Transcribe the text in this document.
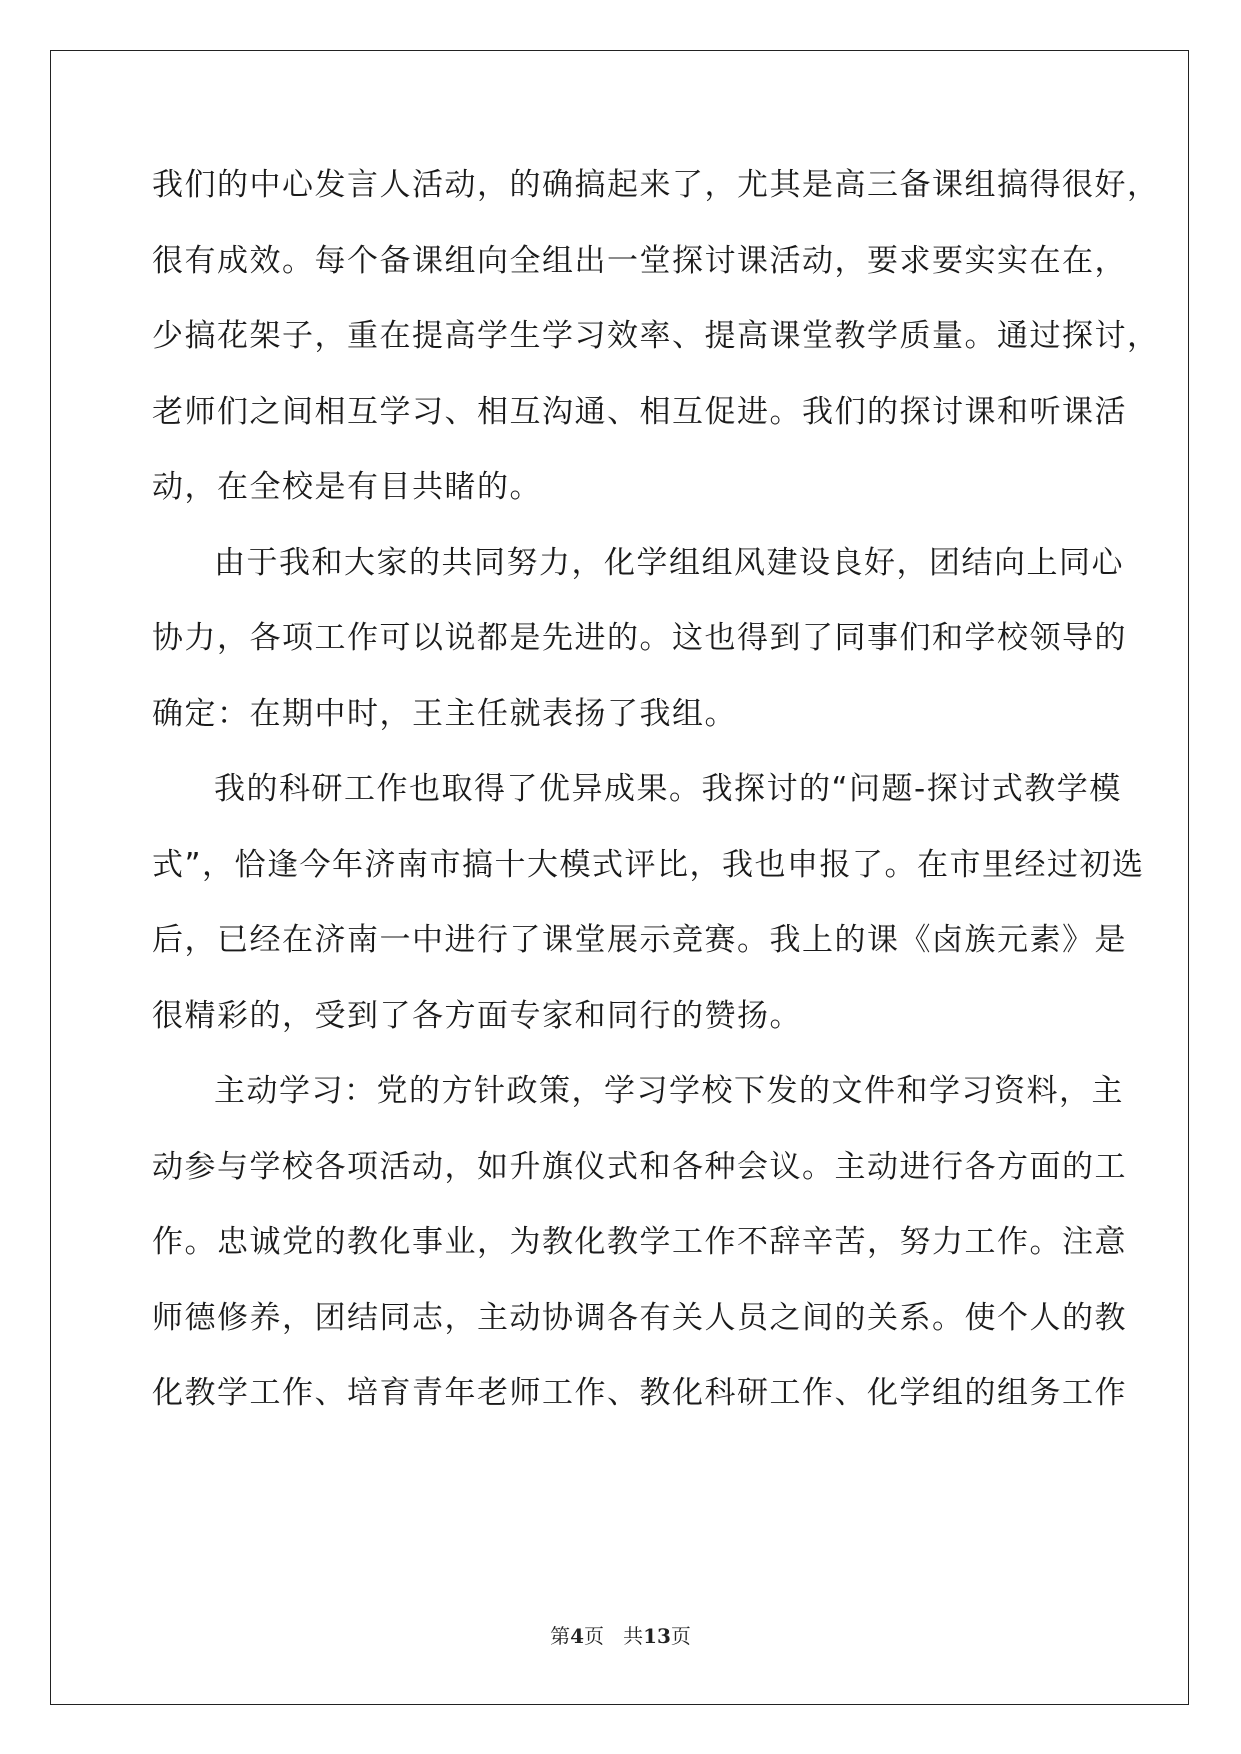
我们的中心发言人活动，的确搞起来了，尤其是高三备课组搞得很好，
很有成效。每个备课组向全组出一堂探讨课活动，要求要实实在在，
少搞花架子，重在提高学生学习效率、提高课堂教学质量。通过探讨，
老师们之间相互学习、相互沟通、相互促进。我们的探讨课和听课活
动，在全校是有目共睹的。
由于我和大家的共同努力，化学组组风建设良好，团结向上同心
协力，各项工作可以说都是先进的。这也得到了同事们和学校领导的
确定：在期中时，王主任就表扬了我组。
我的科研工作也取得了优异成果。我探讨的“问题-探讨式教学模
式”，恰逢今年济南市搞十大模式评比，我也申报了。在市里经过初选
后，已经在济南一中进行了课堂展示竞赛。我上的课《卤族元素》是
很精彩的，受到了各方面专家和同行的赞扬。
主动学习：党的方针政策，学习学校下发的文件和学习资料，主
动参与学校各项活动，如升旗仪式和各种会议。主动进行各方面的工
作。忠诚党的教化事业，为教化教学工作不辞辛苦，努力工作。注意
师德修养，团结同志，主动协调各有关人员之间的关系。使个人的教
化教学工作、培育青年老师工作、教化科研工作、化学组的组务工作
第4页 共13页
